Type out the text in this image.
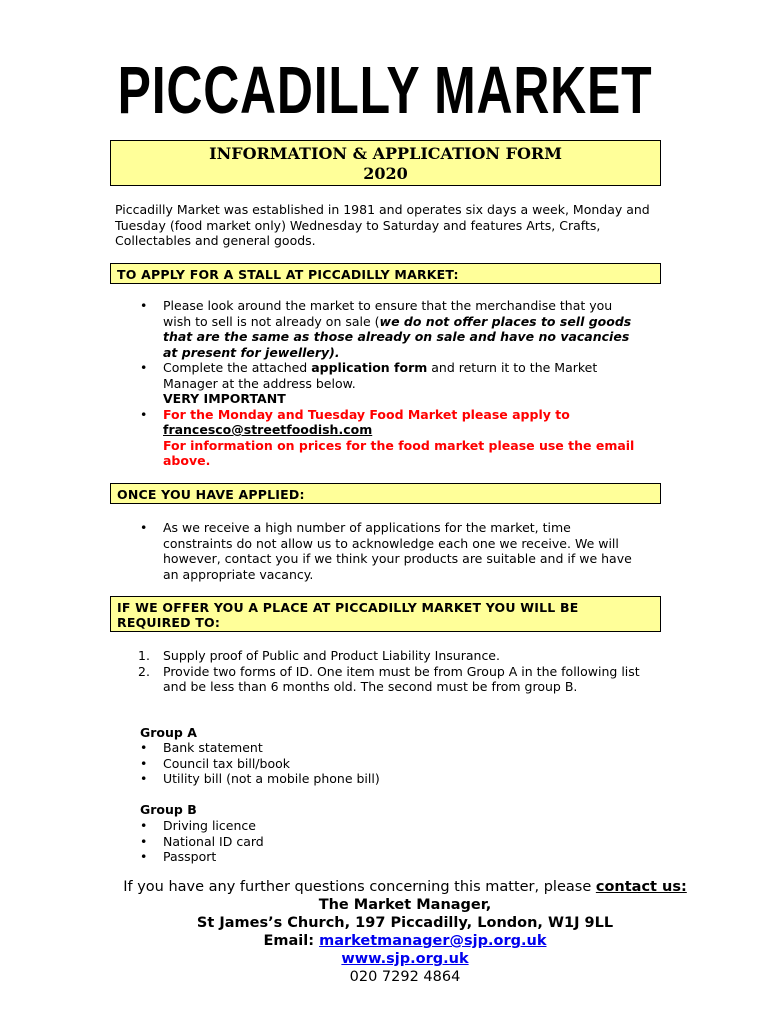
PICCADILLY MARKET
INFORMATION & APPLICATION FORM
2020
Piccadilly Market was established in 1981 and operates six days a week, Monday and Tuesday (food market only) Wednesday to Saturday and features Arts, Crafts, Collectables and general goods.
TO APPLY FOR A STALL AT PICCADILLY MARKET:
• Please look around the market to ensure that the merchandise that you wish to sell is not already on sale (we do not offer places to sell goods that are the same as those already on sale and have no vacancies at present for jewellery).
• Complete the attached application form and return it to the Market Manager at the address below.
VERY IMPORTANT
• For the Monday and Tuesday Food Market please apply to
francesco@streetfoodish.com
For information on prices for the food market please use the email above.
ONCE YOU HAVE APPLIED:
• As we receive a high number of applications for the market, time constraints do not allow us to acknowledge each one we receive. We will however, contact you if we think your products are suitable and if we have an appropriate vacancy.
IF WE OFFER YOU A PLACE AT PICCADILLY MARKET YOU WILL BE REQUIRED TO:
1. Supply proof of Public and Product Liability Insurance.
2. Provide two forms of ID. One item must be from Group A in the following list and be less than 6 months old. The second must be from group B.
Group A
• Bank statement
• Council tax bill/book
• Utility bill (not a mobile phone bill)
Group B
• Driving licence
• National ID card
• Passport
If you have any further questions concerning this matter, please contact us:
The Market Manager,
St James’s Church, 197 Piccadilly, London, W1J 9LL
Email: marketmanager@sjp.org.uk
www.sjp.org.uk
020 7292 4864
